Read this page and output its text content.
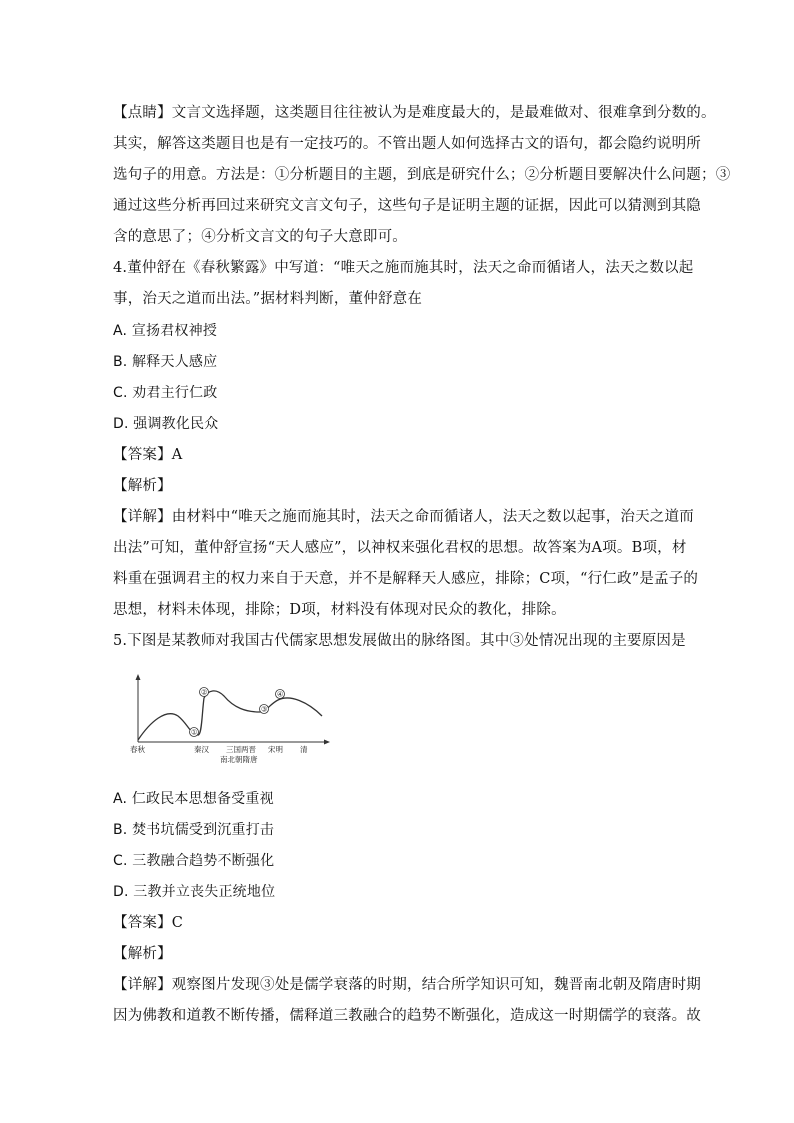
【点睛】文言文选择题，这类题目往往被认为是难度最大的，是最难做对、很难拿到分数的。
其实，解答这类题目也是有一定技巧的。不管出题人如何选择古文的语句，都会隐约说明所
选句子的用意。方法是：①分析题目的主题，到底是研究什么；②分析题目要解决什么问题；③
通过这些分析再回过来研究文言文句子，这些句子是证明主题的证据，因此可以猜测到其隐
含的意思了；④分析文言文的句子大意即可。
4.董仲舒在《春秋繁露》中写道：“唯天之施而施其时，法天之命而循诸人，法天之数以起
事，治天之道而出法。”据材料判断，董仲舒意在
A. 宣扬君权神授
B. 解释天人感应
C. 劝君主行仁政
D. 强调教化民众
【答案】A
【解析】
【详解】由材料中“唯天之施而施其时，法天之命而循诸人，法天之数以起事，治天之道而
出法”可知，董仲舒宣扬“天人感应”，以神权来强化君权的思想。故答案为A项。B项，材
料重在强调君主的权力来自于天意，并不是解释天人感应，排除；C项，“行仁政”是孟子的
思想，材料未体现，排除；D项，材料没有体现对民众的教化，排除。
5.下图是某教师对我国古代儒家思想发展做出的脉络图。其中③处情况出现的主要原因是
①
②
③
④
春秋	秦汉 三国两晋
南北朝隋唐
宋明 清
A. 仁政民本思想备受重视
B. 焚书坑儒受到沉重打击
C. 三教融合趋势不断强化
D. 三教并立丧失正统地位
【答案】C
【解析】
【详解】观察图片发现③处是儒学衰落的时期，结合所学知识可知，魏晋南北朝及隋唐时期
因为佛教和道教不断传播，儒释道三教融合的趋势不断强化，造成这一时期儒学的衰落。故
